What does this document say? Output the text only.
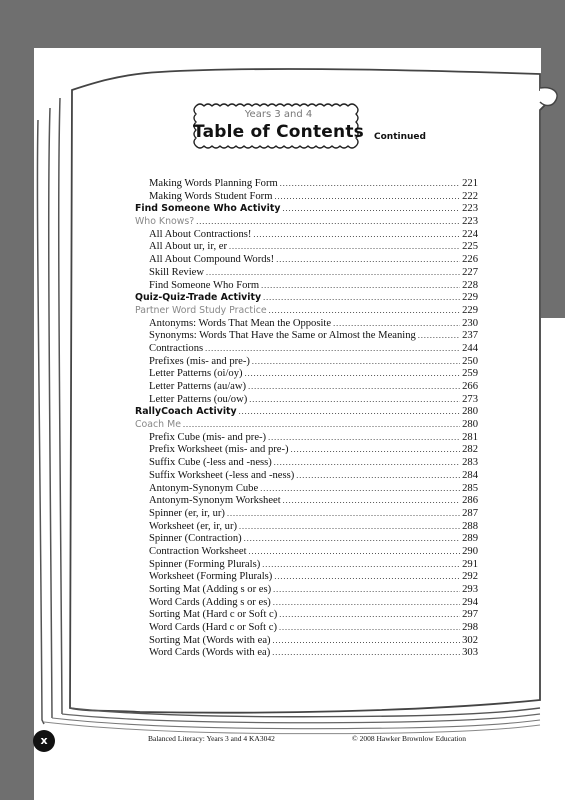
Years 3 and 4
Table of Contents Continued
Making Words Planning Form .....	221
Making Words Student Form .....	222
Find Someone Who Activity .....	223
Who Knows? .....	223
All About Contractions! .....	224
All About ur, ir, er .....	225
All About Compound Words! .....	226
Skill Review .....	227
Find Someone Who Form .....	228
Quiz-Quiz-Trade Activity .....	229
Partner Word Study Practice .....	229
Antonyms: Words That Mean the Opposite .....	230
Synonyms: Words That Have the Same or Almost the Meaning .....	237
Contractions .....	244
Prefixes (mis- and pre-) .....	250
Letter Patterns (oi/oy) .....	259
Letter Patterns (au/aw) .....	266
Letter Patterns (ou/ow) .....	273
RallyCoach Activity .....	280
Coach Me .....	280
Prefix Cube (mis- and pre-) .....	281
Prefix Worksheet (mis- and pre-) .....	282
Suffix Cube (-less and -ness) .....	283
Suffix Worksheet (-less and -ness) .....	284
Antonym-Synonym Cube .....	285
Antonym-Synonym Worksheet .....	286
Spinner (er, ir, ur) .....	287
Worksheet (er, ir, ur) .....	288
Spinner (Contraction) .....	289
Contraction Worksheet .....	290
Spinner (Forming Plurals) .....	291
Worksheet (Forming Plurals) .....	292
Sorting Mat (Adding s or es) .....	293
Word Cards (Adding s or es) .....	294
Sorting Mat (Hard c or Soft c) .....	297
Word Cards (Hard c or Soft c) .....	298
Sorting Mat (Words with ea) .....	302
Word Cards (Words with ea) .....	303
x	Balanced Literacy: Years 3 and 4 KA3042	© 2008 Hawker Brownlow Education
